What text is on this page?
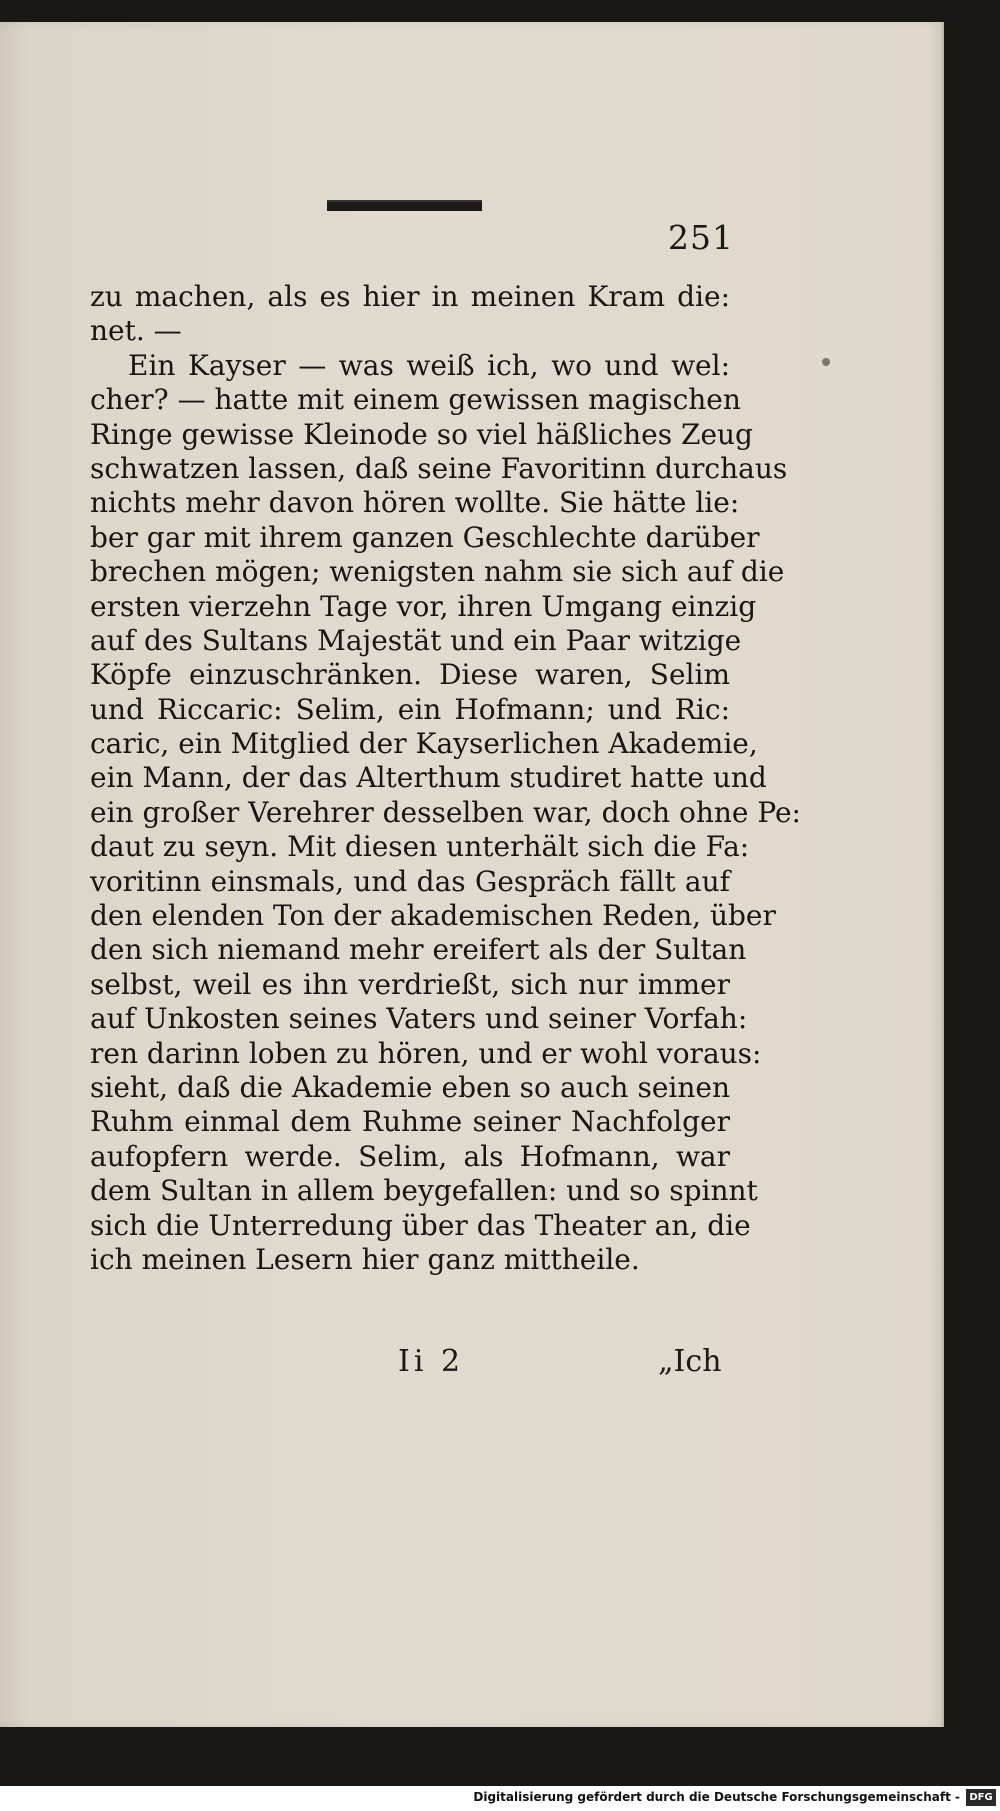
251
zu machen, als es hier in meinen Kram die:
net. —
Ein Kayser — was weiß ich, wo und wel:
cher? — hatte mit einem gewissen magischen
Ringe gewisse Kleinode so viel häßliches Zeug
schwatzen lassen, daß seine Favoritinn durchaus
nichts mehr davon hören wollte. Sie hätte lie:
ber gar mit ihrem ganzen Geschlechte darüber
brechen mögen; wenigsten nahm sie sich auf die
ersten vierzehn Tage vor, ihren Umgang einzig
auf des Sultans Majestät und ein Paar witzige
Köpfe einzuschränken. Diese waren, Selim
und Riccaric: Selim, ein Hofmann; und Ric:
caric, ein Mitglied der Kayserlichen Akademie,
ein Mann, der das Alterthum studiret hatte und
ein großer Verehrer desselben war, doch ohne Pe:
daut zu seyn. Mit diesen unterhält sich die Fa:
voritinn einsmals, und das Gespräch fällt auf
den elenden Ton der akademischen Reden, über
den sich niemand mehr ereifert als der Sultan
selbst, weil es ihn verdrießt, sich nur immer
auf Unkosten seines Vaters und seiner Vorfah:
ren darinn loben zu hören, und er wohl voraus:
sieht, daß die Akademie eben so auch seinen
Ruhm einmal dem Ruhme seiner Nachfolger
aufopfern werde. Selim, als Hofmann, war
dem Sultan in allem beygefallen: und so spinnt
sich die Unterredung über das Theater an, die
ich meinen Lesern hier ganz mittheile.
Ii 2	„Ich
Digitalisierung gefördert durch die Deutsche Forschungsgemeinschaft - DFG
